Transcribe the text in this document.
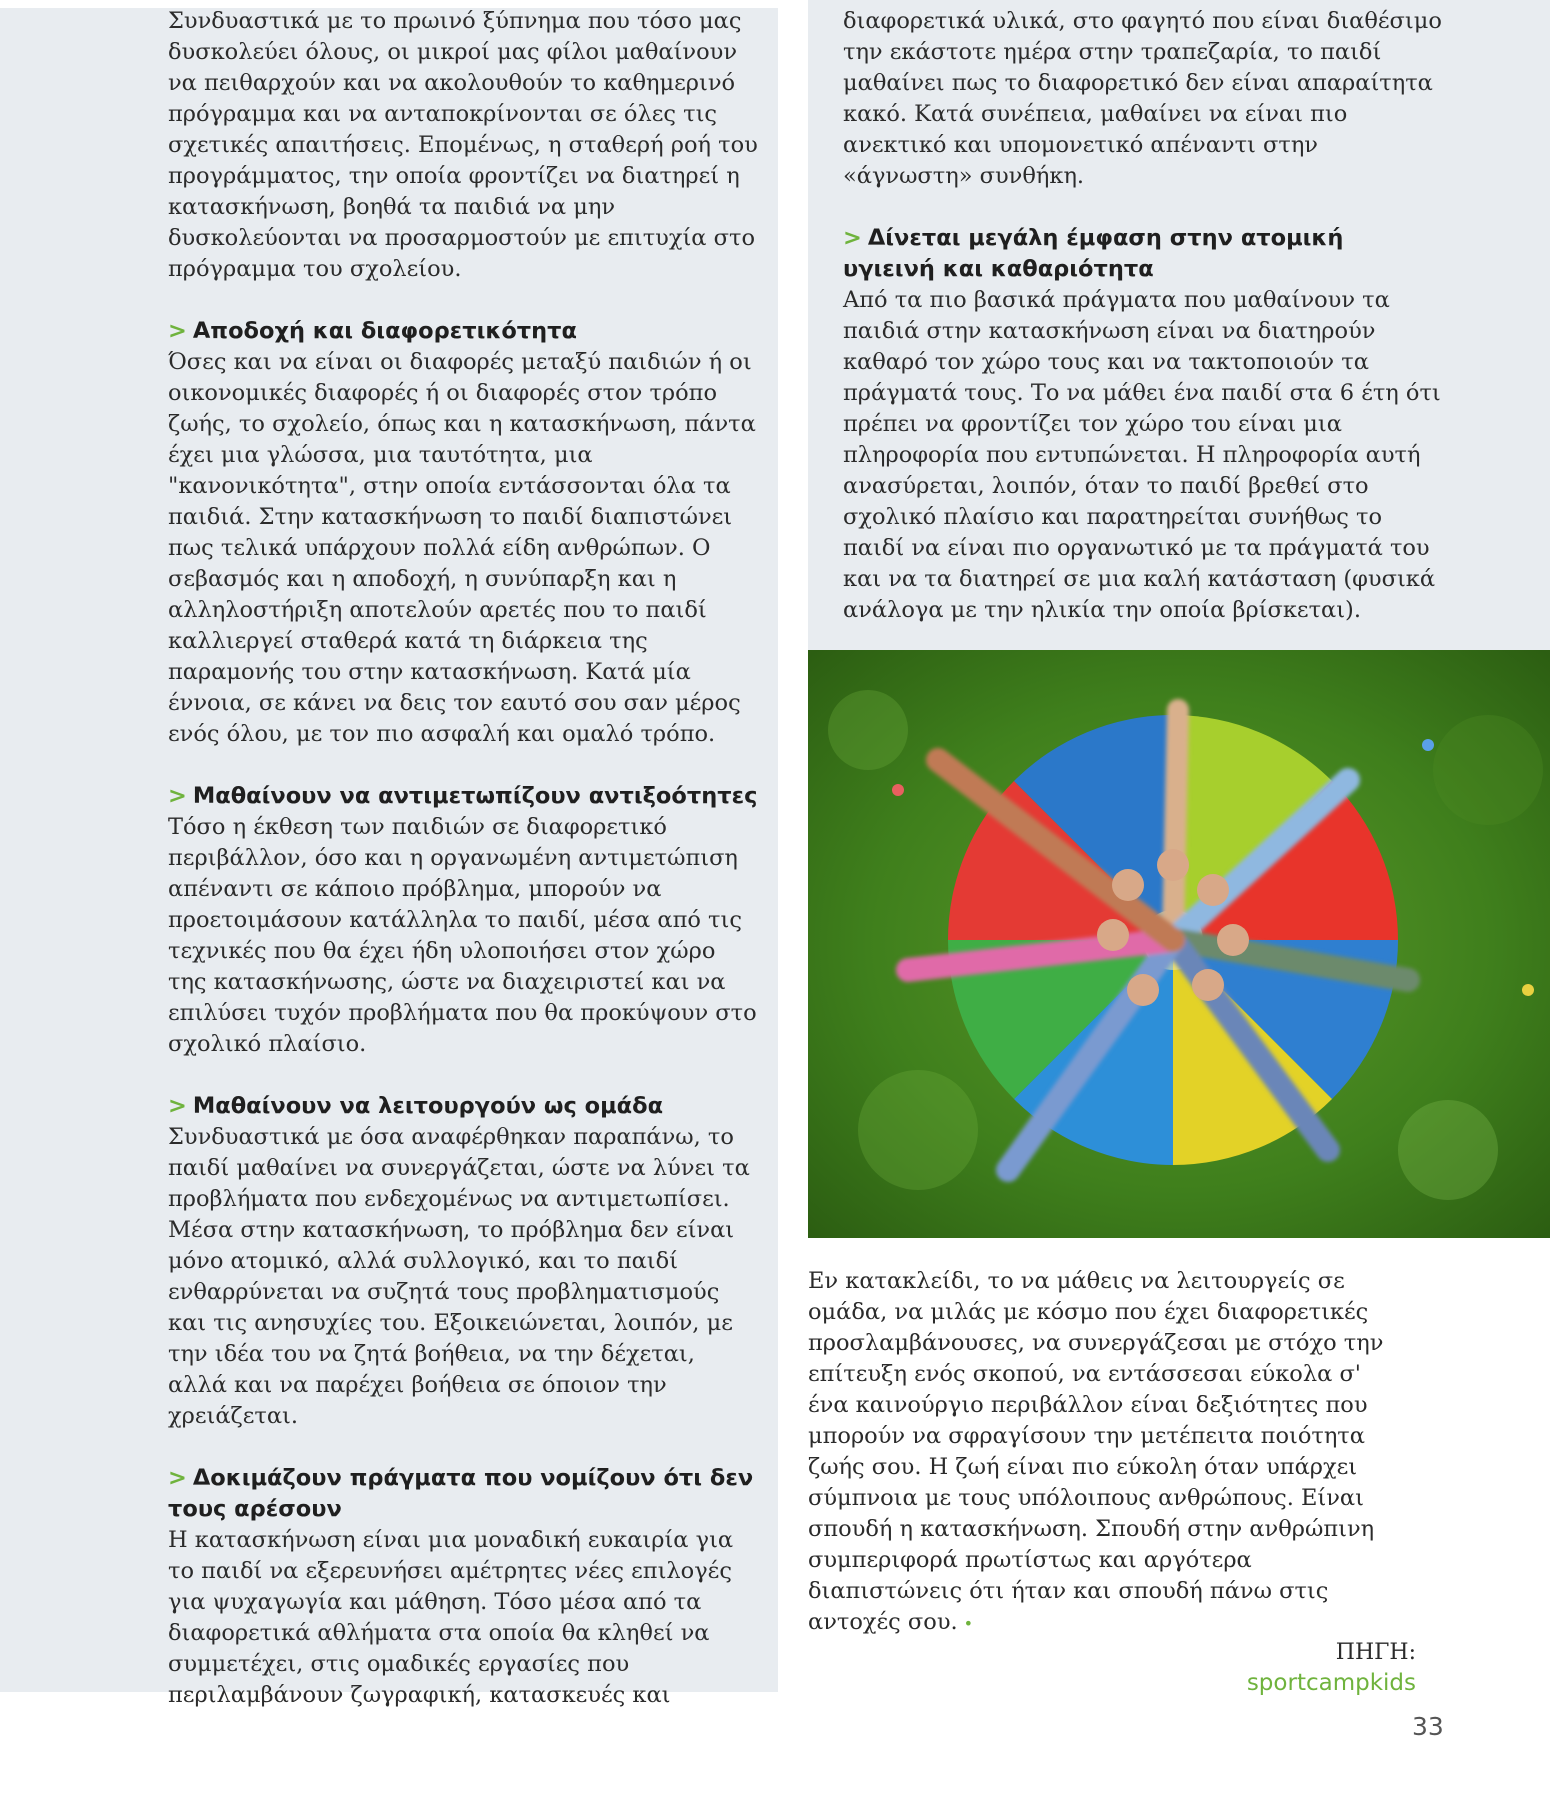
Συνδυαστικά με το πρωινό ξύπνημα που τόσο μας δυσκολεύει όλους, οι μικροί μας φίλοι μαθαίνουν να πειθαρχούν και να ακολουθούν το καθημερινό πρόγραμμα και να ανταποκρίνονται σε όλες τις σχετικές απαιτήσεις. Επομένως, η σταθερή ροή του προγράμματος, την οποία φροντίζει να διατηρεί η κατασκήνωση, βοηθά τα παιδιά να μην δυσκολεύονται να προσαρμοστούν με επιτυχία στο πρόγραμμα του σχολείου.

> Αποδοχή και διαφορετικότητα

Όσες και να είναι οι διαφορές μεταξύ παιδιών ή οι οικονομικές διαφορές ή οι διαφορές στον τρόπο ζωής, το σχολείο, όπως και η κατασκήνωση, πάντα έχει μια γλώσσα, μια ταυτότητα, μια "κανονικότητα", στην οποία εντάσσονται όλα τα παιδιά. Στην κατασκήνωση το παιδί διαπιστώνει πως τελικά υπάρχουν πολλά είδη ανθρώπων. Ο σεβασμός και η αποδοχή, η συνύπαρξη και η αλληλοστήριξη αποτελούν αρετές που το παιδί καλλιεργεί σταθερά κατά τη διάρκεια της παραμονής του στην κατασκήνωση. Κατά μία έννοια, σε κάνει να δεις τον εαυτό σου σαν μέρος ενός όλου, με τον πιο ασφαλή και ομαλό τρόπο.

> Μαθαίνουν να αντιμετωπίζουν αντιξοότητες

Τόσο η έκθεση των παιδιών σε διαφορετικό περιβάλλον, όσο και η οργανωμένη αντιμετώπιση απέναντι σε κάποιο πρόβλημα, μπορούν να προετοιμάσουν κατάλληλα το παιδί, μέσα από τις τεχνικές που θα έχει ήδη υλοποιήσει στον χώρο της κατασκήνωσης, ώστε να διαχειριστεί και να επιλύσει τυχόν προβλήματα που θα προκύψουν στο σχολικό πλαίσιο.

> Μαθαίνουν να λειτουργούν ως ομάδα

Συνδυαστικά με όσα αναφέρθηκαν παραπάνω, το παιδί μαθαίνει να συνεργάζεται, ώστε να λύνει τα προβλήματα που ενδεχομένως να αντιμετωπίσει. Μέσα στην κατασκήνωση, το πρόβλημα δεν είναι μόνο ατομικό, αλλά συλλογικό, και το παιδί ενθαρρύνεται να συζητά τους προβληματισμούς και τις ανησυχίες του. Εξοικειώνεται, λοιπόν, με την ιδέα του να ζητά βοήθεια, να την δέχεται, αλλά και να παρέχει βοήθεια σε όποιον την χρειάζεται.

> Δοκιμάζουν πράγματα που νομίζουν ότι δεν τους αρέσουν

Η κατασκήνωση είναι μια μοναδική ευκαιρία για το παιδί να εξερευνήσει αμέτρητες νέες επιλογές για ψυχαγωγία και μάθηση. Τόσο μέσα από τα διαφορετικά αθλήματα στα οποία θα κληθεί να συμμετέχει, στις ομαδικές εργασίες που περιλαμβάνουν ζωγραφική, κατασκευές και

διαφορετικά υλικά, στο φαγητό που είναι διαθέσιμο την εκάστοτε ημέρα στην τραπεζαρία, το παιδί μαθαίνει πως το διαφορετικό δεν είναι απαραίτητα κακό. Κατά συνέπεια, μαθαίνει να είναι πιο ανεκτικό και υπομονετικό απέναντι στην «άγνωστη» συνθήκη.

> Δίνεται μεγάλη έμφαση στην ατομική υγιεινή και καθαριότητα

Από τα πιο βασικά πράγματα που μαθαίνουν τα παιδιά στην κατασκήνωση είναι να διατηρούν καθαρό τον χώρο τους και να τακτοποιούν τα πράγματά τους. Το να μάθει ένα παιδί στα 6 έτη ότι πρέπει να φροντίζει τον χώρο του είναι μια πληροφορία που εντυπώνεται. Η πληροφορία αυτή ανασύρεται, λοιπόν, όταν το παιδί βρεθεί στο σχολικό πλαίσιο και παρατηρείται συνήθως το παιδί να είναι πιο οργανωτικό με τα πράγματά του και να τα διατηρεί σε μια καλή κατάσταση (φυσικά ανάλογα με την ηλικία την οποία βρίσκεται).

Εν κατακλείδι, το να μάθεις να λειτουργείς σε ομάδα, να μιλάς με κόσμο που έχει διαφορετικές προσλαμβάνουσες, να συνεργάζεσαι με στόχο την επίτευξη ενός σκοπού, να εντάσσεσαι εύκολα σ' ένα καινούργιο περιβάλλον είναι δεξιότητες που μπορούν να σφραγίσουν την μετέπειτα ποιότητα ζωής σου. Η ζωή είναι πιο εύκολη όταν υπάρχει σύμπνοια με τους υπόλοιπους ανθρώπους. Είναι σπουδή η κατασκήνωση. Σπουδή στην ανθρώπινη συμπεριφορά πρωτίστως και αργότερα διαπιστώνεις ότι ήταν και σπουδή πάνω στις αντοχές σου. •

ΠΗΓΗ:
sportcampkids
33
